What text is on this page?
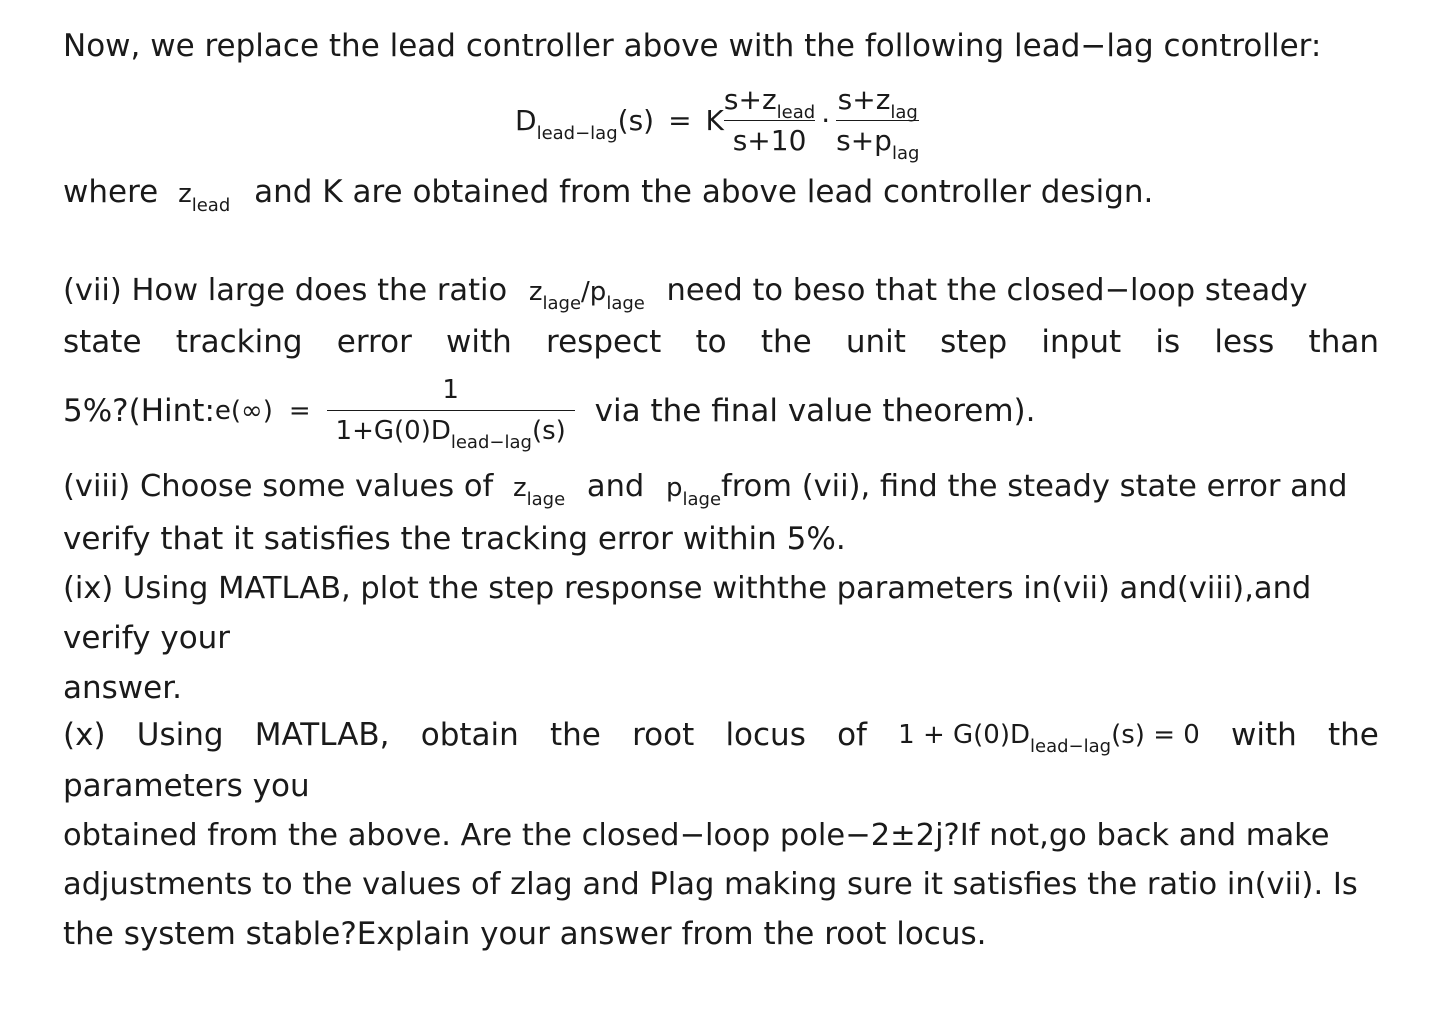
Now, we replace the lead controller above with the following lead−lag controller:
$D_{lead-lag}(s) = K \frac{s+z_{lead}}{s+10} \cdot \frac{s+z_{lag}}{s+p_{lag}}$
where $z_{lead}$ and K are obtained from the above lead controller design.
(vii) How large does the ratio $z_{lage}/p_{lage}$ need to beso that the closed−loop steady
state tracking error with respect to the unit step input is less than
5%?(Hint: $e(\infty) = \frac{1}{1+G(0)D_{lead-lag}(s)}$ via the final value theorem).
(viii) Choose some values of $z_{lage}$ and $p_{lage}from$ (vii), find the steady state error and
verify that it satisfies the tracking error within 5%.
(ix) Using MATLAB, plot the step response withthe parameters in(vii) and(viii),and
verify your
answer.
(x) Using MATLAB, obtain the root locus of $1 + G(0)D_{lead-lag}(s) = 0$ with the
parameters you
obtained from the above. Are the closed−loop pole−2±2j?If not,go back and make
adjustments to the values of zlag and Plag making sure it satisfies the ratio in(vii). Is
the system stable?Explain your answer from the root locus.
